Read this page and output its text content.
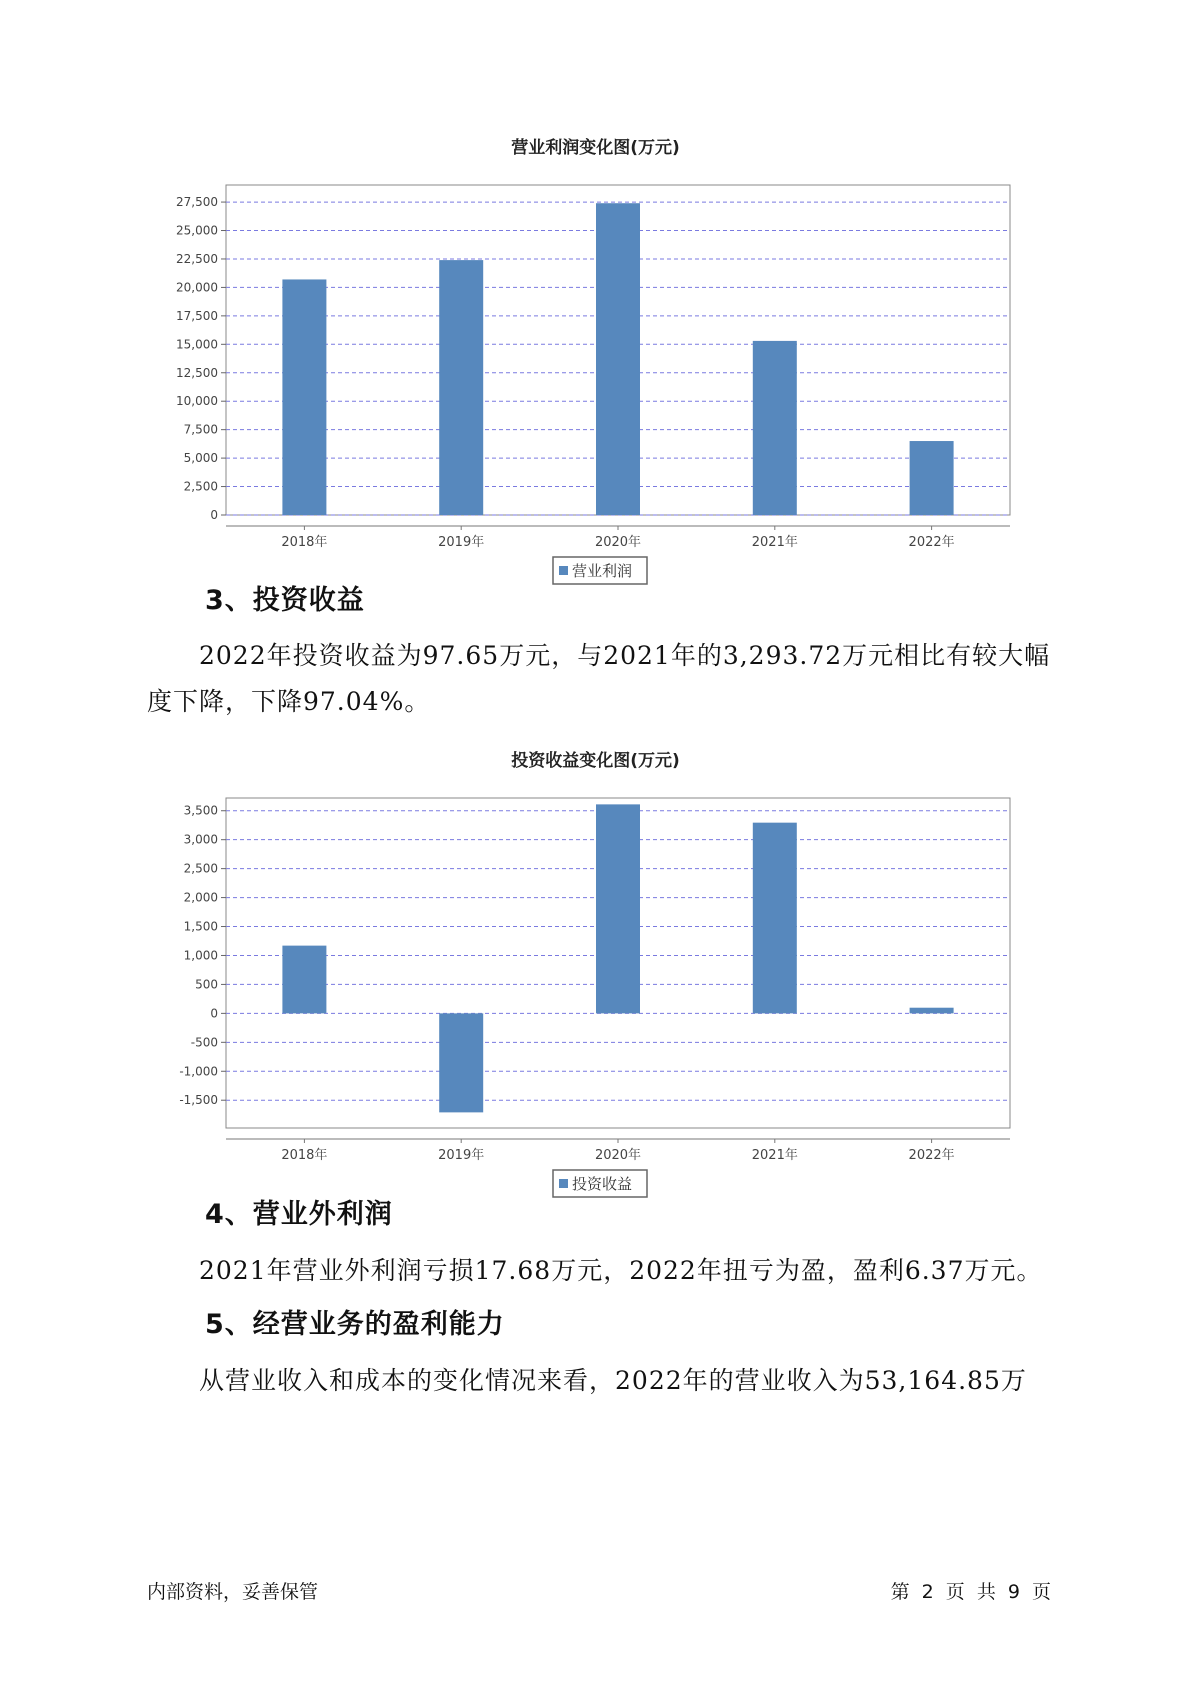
营业利润变化图(万元)
0
2,500
5,000
7,500
10,000
12,500
15,000
17,500
20,000
22,500
25,000
27,500
2018年	2019年	2020年	2021年	2022年
营业利润
3、投资收益

2022年投资收益为97.65万元，与2021年的3,293.72万元相比有较大幅度下降，下降97.04%。

投资收益变化图(万元)
-1,500
-1,000
-500
0
500
1,000
1,500
2,000
2,500
3,000
3,500
2018年	2019年	2020年	2021年	2022年
投资收益
4、营业外利润

2021年营业外利润亏损17.68万元，2022年扭亏为盈，盈利6.37万元。

5、经营业务的盈利能力

从营业收入和成本的变化情况来看，2022年的营业收入为53,164.85万

内部资料，妥善保管	第 2 页 共 9 页
